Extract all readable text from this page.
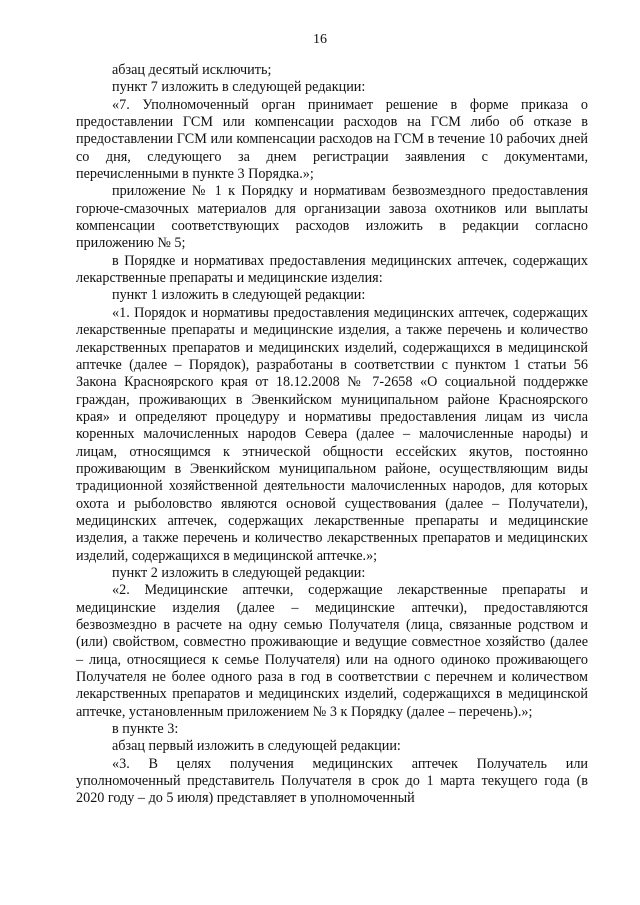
16

абзац десятый исключить;

пункт 7 изложить в следующей редакции:

«7. Уполномоченный орган принимает решение в форме приказа о предоставлении ГСМ или компенсации расходов на ГСМ либо об отказе в предоставлении ГСМ или компенсации расходов на ГСМ в течение 10 рабочих дней со дня, следующего за днем регистрации заявления с документами, перечисленными в пункте 3 Порядка.»;

приложение № 1 к Порядку и нормативам безвозмездного предоставления горюче-смазочных материалов для организации завоза охотников или выплаты компенсации соответствующих расходов изложить в редакции согласно приложению № 5;

в Порядке и нормативах предоставления медицинских аптечек, содержащих лекарственные препараты и медицинские изделия:

пункт 1 изложить в следующей редакции:

«1. Порядок и нормативы предоставления медицинских аптечек, содержащих лекарственные препараты и медицинские изделия, а также перечень и количество лекарственных препаратов и медицинских изделий, содержащихся в медицинской аптечке (далее – Порядок), разработаны в соответствии с пунктом 1 статьи 56 Закона Красноярского края от 18.12.2008 № 7-2658 «О социальной поддержке граждан, проживающих в Эвенкийском муниципальном районе Красноярского края» и определяют процедуру и нормативы предоставления лицам из числа коренных малочисленных народов Севера (далее – малочисленные народы) и лицам, относящимся к этнической общности ессейских якутов, постоянно проживающим в Эвенкийском муниципальном районе, осуществляющим виды традиционной хозяйственной деятельности малочисленных народов, для которых охота и рыболовство являются основой существования (далее – Получатели), медицинских аптечек, содержащих лекарственные препараты и медицинские изделия, а также перечень и количество лекарственных препаратов и медицинских изделий, содержащихся в медицинской аптечке.»;

пункт 2 изложить в следующей редакции:

«2. Медицинские аптечки, содержащие лекарственные препараты и медицинские изделия (далее – медицинские аптечки), предоставляются безвозмездно в расчете на одну семью Получателя (лица, связанные родством и (или) свойством, совместно проживающие и ведущие совместное хозяйство (далее – лица, относящиеся к семье Получателя) или на одного одиноко проживающего Получателя не более одного раза в год в соответствии с перечнем и количеством лекарственных препаратов и медицинских изделий, содержащихся в медицинской аптечке, установленным приложением № 3 к Порядку (далее – перечень).»;

в пункте 3:

абзац первый изложить в следующей редакции:

«3. В целях получения медицинских аптечек Получатель или уполномоченный представитель Получателя в срок до 1 марта текущего года (в 2020 году – до 5 июля) представляет в уполномоченный
